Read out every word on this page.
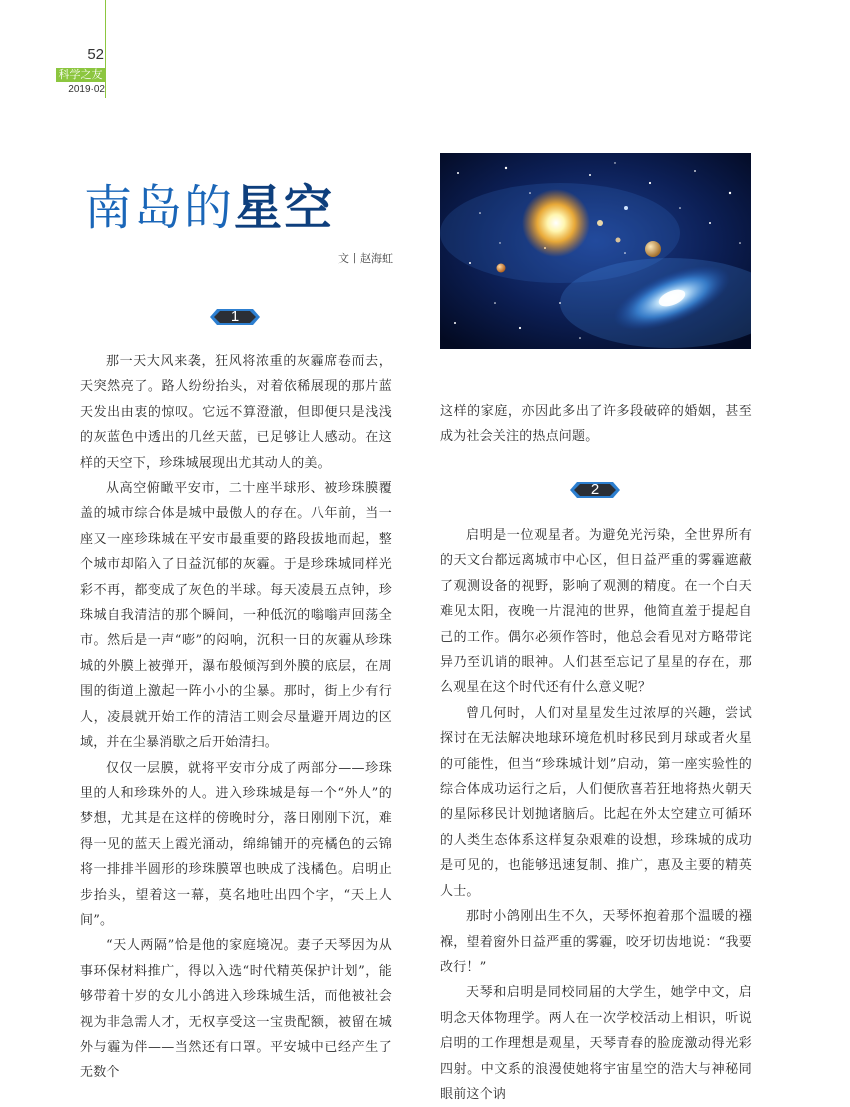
52
科学之友
2019·02
南岛的星空
文丨赵海虹
1
2

那一天大风来袭，狂风将浓重的灰霾席卷而去，天突然亮了。路人纷纷抬头，对着依稀展现的那片蓝天发出由衷的惊叹。它远不算澄澈，但即便只是浅浅的灰蓝色中透出的几丝天蓝，已足够让人感动。在这样的天空下，珍珠城展现出尤其动人的美。

从高空俯瞰平安市，二十座半球形、被珍珠膜覆盖的城市综合体是城中最傲人的存在。八年前，当一座又一座珍珠城在平安市最重要的路段拔地而起，整个城市却陷入了日益沉郁的灰霾。于是珍珠城同样光彩不再，都变成了灰色的半球。每天凌晨五点钟，珍珠城自我清洁的那个瞬间，一种低沉的嗡嗡声回荡全市。然后是一声“嘭”的闷响，沉积一日的灰霾从珍珠城的外膜上被弹开，瀑布般倾泻到外膜的底层，在周围的街道上激起一阵小小的尘暴。那时，街上少有行人，凌晨就开始工作的清洁工则会尽量避开周边的区域，并在尘暴消歇之后开始清扫。

仅仅一层膜，就将平安市分成了两部分——珍珠里的人和珍珠外的人。进入珍珠城是每一个“外人”的梦想，尤其是在这样的傍晚时分，落日刚刚下沉，难得一见的蓝天上霞光涌动，绵绵铺开的亮橘色的云锦将一排排半圆形的珍珠膜罩也映成了浅橘色。启明止步抬头，望着这一幕，莫名地吐出四个字，“天上人间”。

“天人两隔”恰是他的家庭境况。妻子天琴因为从事环保材料推广，得以入选“时代精英保护计划”，能够带着十岁的女儿小鸽进入珍珠城生活，而他被社会视为非急需人才，无权享受这一宝贵配额，被留在城外与霾为伴——当然还有口罩。平安城中已经产生了无数个

这样的家庭，亦因此多出了许多段破碎的婚姻，甚至成为社会关注的热点问题。

启明是一位观星者。为避免光污染，全世界所有的天文台都远离城市中心区，但日益严重的雾霾遮蔽了观测设备的视野，影响了观测的精度。在一个白天难见太阳，夜晚一片混沌的世界，他简直羞于提起自己的工作。偶尔必须作答时，他总会看见对方略带诧异乃至讥诮的眼神。人们甚至忘记了星星的存在，那么观星在这个时代还有什么意义呢？

曾几何时，人们对星星发生过浓厚的兴趣，尝试探讨在无法解决地球环境危机时移民到月球或者火星的可能性，但当“珍珠城计划”启动，第一座实验性的综合体成功运行之后，人们便欣喜若狂地将热火朝天的星际移民计划抛诸脑后。比起在外太空建立可循环的人类生态体系这样复杂艰难的设想，珍珠城的成功是可见的，也能够迅速复制、推广，惠及主要的精英人士。

那时小鸽刚出生不久，天琴怀抱着那个温暖的襁褓，望着窗外日益严重的雾霾，咬牙切齿地说：“我要改行！”

天琴和启明是同校同届的大学生，她学中文，启明念天体物理学。两人在一次学校活动上相识，听说启明的工作理想是观星，天琴青春的脸庞激动得光彩四射。中文系的浪漫使她将宇宙星空的浩大与神秘同眼前这个讷
